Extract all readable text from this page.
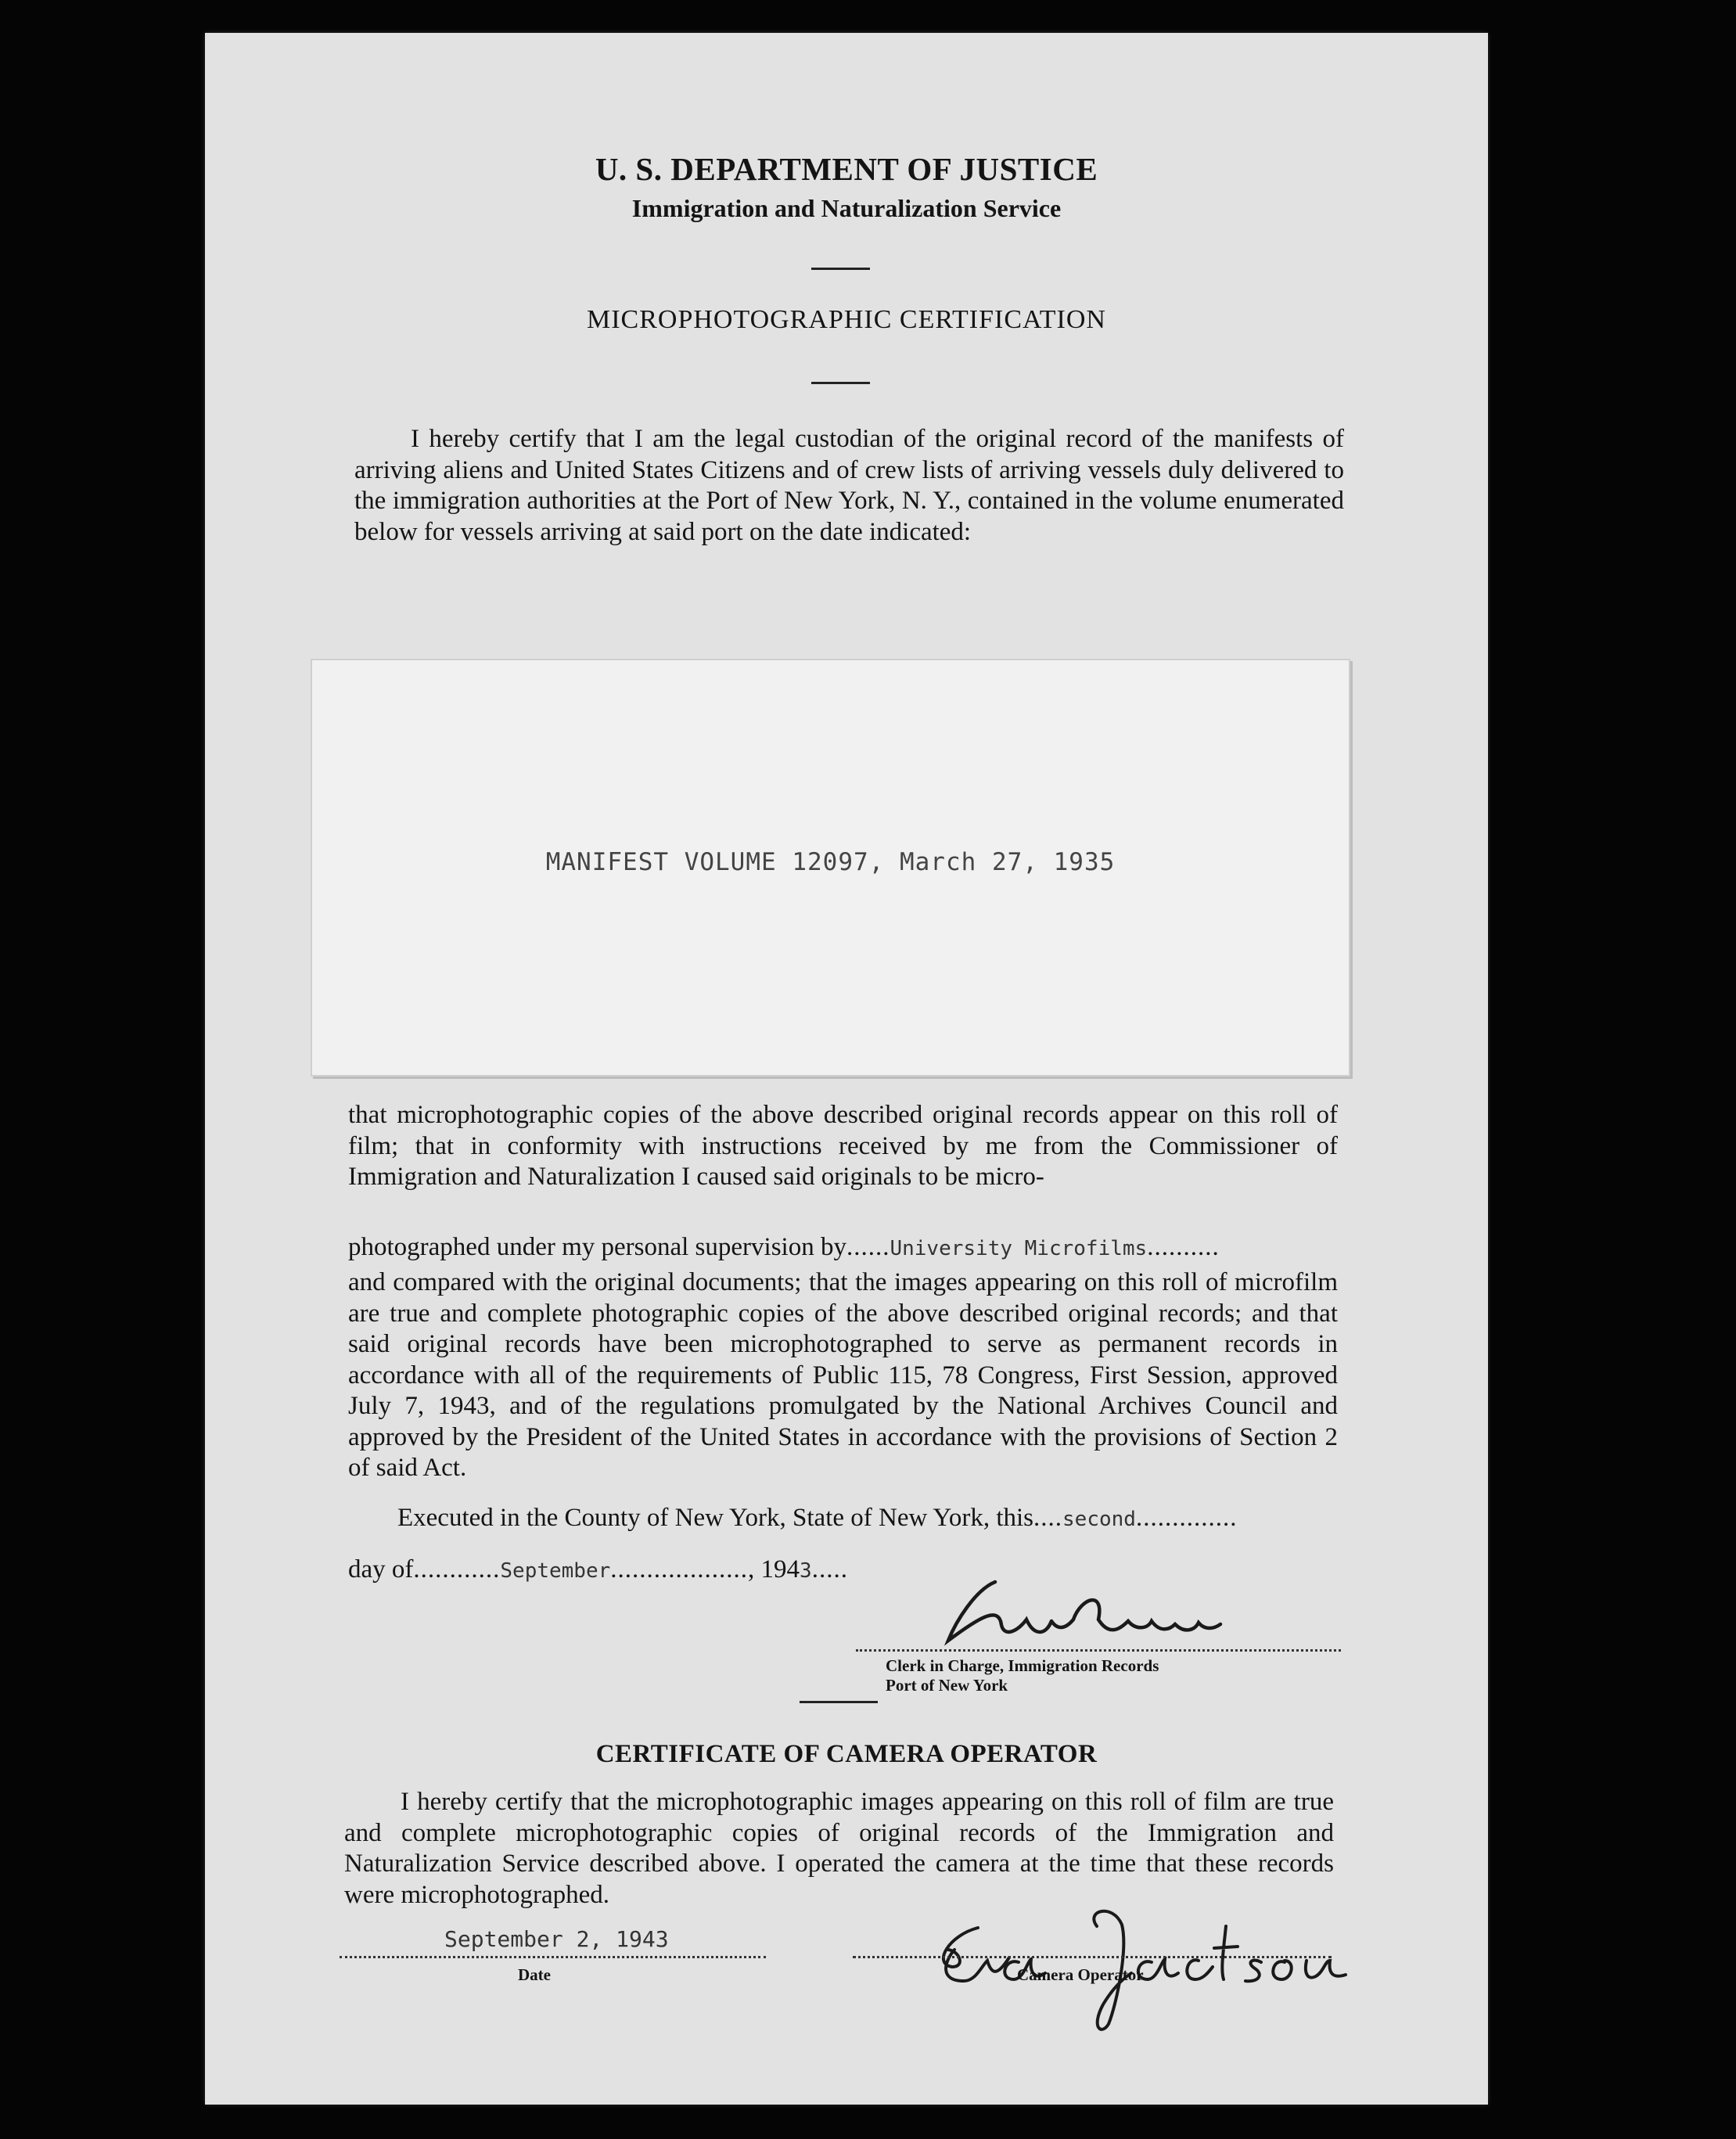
U. S. DEPARTMENT OF JUSTICE
Immigration and Naturalization Service
MICROPHOTOGRAPHIC CERTIFICATION
I hereby certify that I am the legal custodian of the original record of the manifests of arriving aliens and United States Citizens and of crew lists of arriving vessels duly delivered to the immigration authorities at the Port of New York, N. Y., contained in the volume enumerated below for vessels arriving at said port on the date indicated:
MANIFEST VOLUME 12097, March 27, 1935
that microphotographic copies of the above described original records appear on this roll of film; that in conformity with instructions received by me from the Commissioner of Immigration and Naturalization I caused said originals to be micro-
photographed under my personal supervision by......University Microfilms..........
and compared with the original documents; that the images appearing on this roll of microfilm are true and complete photographic copies of the above described original records; and that said original records have been microphotographed to serve as permanent records in accordance with all of the requirements of Public 115, 78 Congress, First Session, approved July 7, 1943, and of the regulations promulgated by the National Archives Council and approved by the President of the United States in accordance with the provisions of Section 2 of said Act.
Executed in the County of New York, State of New York, this....second..............
day of............September..................., 1943.....
Clerk in Charge, Immigration Records
Port of New York
CERTIFICATE OF CAMERA OPERATOR
I hereby certify that the microphotographic images appearing on this roll of film are true and complete microphotographic copies of original records of the Immigration and Naturalization Service described above. I operated the camera at the time that these records were microphotographed.
September 2, 1943
Date	Camera Operator
